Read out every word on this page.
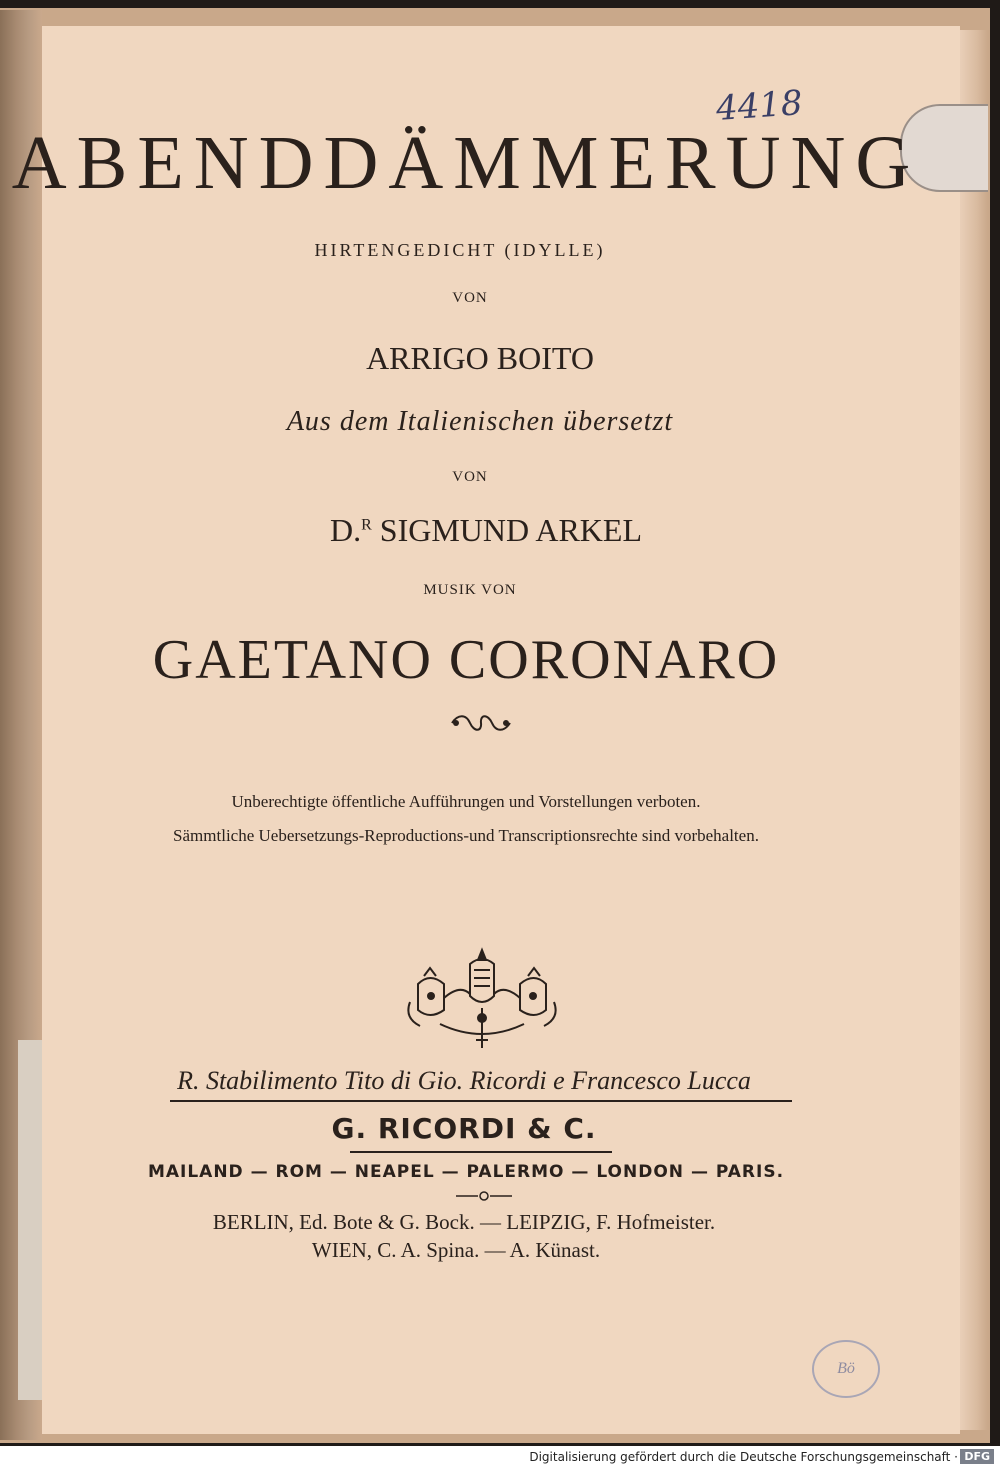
4418
ABENDDÄMMERUNG
HIRTENGEDICHT (IDYLLE)
VON
ARRIGO BOITO
Aus dem Italienischen übersetzt
VON
D.$^R$ SIGMUND ARKEL
MUSIK VON
GAETANO CORONARO
Unberechtigte öffentliche Aufführungen und Vorstellungen verboten.
Sämmtliche Uebersetzungs-Reproductions-und Transcriptionsrechte sind vorbehalten.
R. Stabilimento Tito di Gio. Ricordi e Francesco Lucca
G. RICORDI & C.
MAILAND — ROM — NEAPEL — PALERMO — LONDON — PARIS.
BERLIN, Ed. Bote & G. Bock. — LEIPZIG, F. Hofmeister.
WIEN, C. A. Spina. — A. Künast.
Bö
Digitalisierung gefördert durch die Deutsche Forschungsgemeinschaft · DFG
